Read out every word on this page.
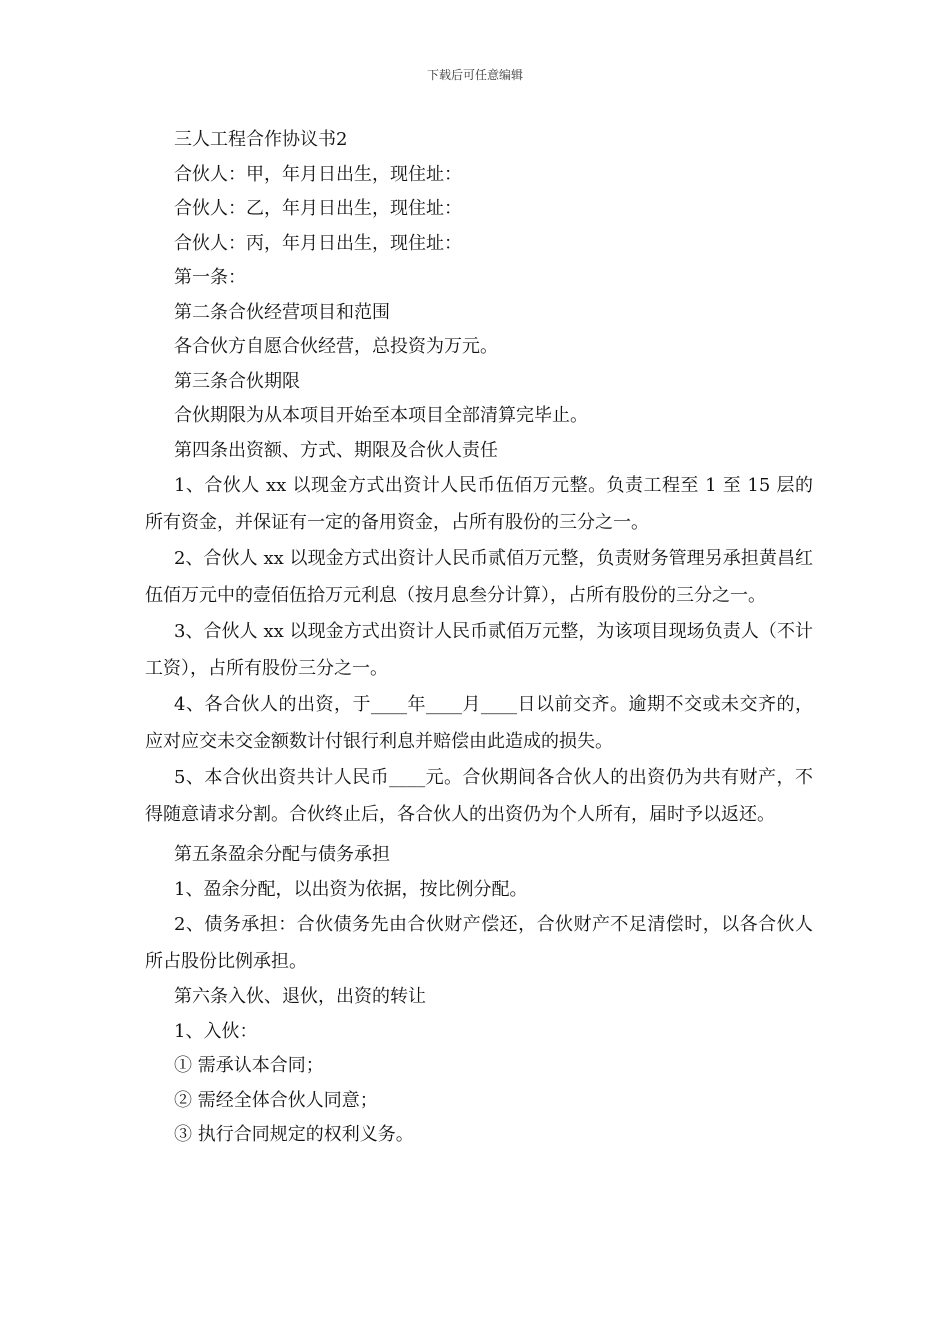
下载后可任意编辑
三人工程合作协议书2
合伙人：甲，年月日出生，现住址：
合伙人：乙，年月日出生，现住址：
合伙人：丙，年月日出生，现住址：
第一条：
第二条合伙经营项目和范围
各合伙方自愿合伙经营，总投资为万元。
第三条合伙期限
合伙期限为从本项目开始至本项目全部清算完毕止。
第四条出资额、方式、期限及合伙人责任

1、合伙人 xx 以现金方式出资计人民币伍佰万元整。负责工程至 1 至 15 层的所有资金，并保证有一定的备用资金，占所有股份的三分之一。

2、合伙人 xx 以现金方式出资计人民币贰佰万元整，负责财务管理另承担黄昌红伍佰万元中的壹佰伍拾万元利息（按月息叁分计算），占所有股份的三分之一。

3、合伙人 xx 以现金方式出资计人民币贰佰万元整，为该项目现场负责人（不计工资），占所有股份三分之一。

4、各合伙人的出资，于____年____月____日以前交齐。逾期不交或未交齐的，应对应交未交金额数计付银行利息并赔偿由此造成的损失。

5、本合伙出资共计人民币____元。合伙期间各合伙人的出资仍为共有财产，不得随意请求分割。合伙终止后，各合伙人的出资仍为个人所有，届时予以返还。

第五条盈余分配与债务承担
1、盈余分配，以出资为依据，按比例分配。

2、债务承担：合伙债务先由合伙财产偿还，合伙财产不足清偿时，以各合伙人所占股份比例承担。

第六条入伙、退伙，出资的转让
1、入伙：
① 需承认本合同；
② 需经全体合伙人同意；
③ 执行合同规定的权利义务。
